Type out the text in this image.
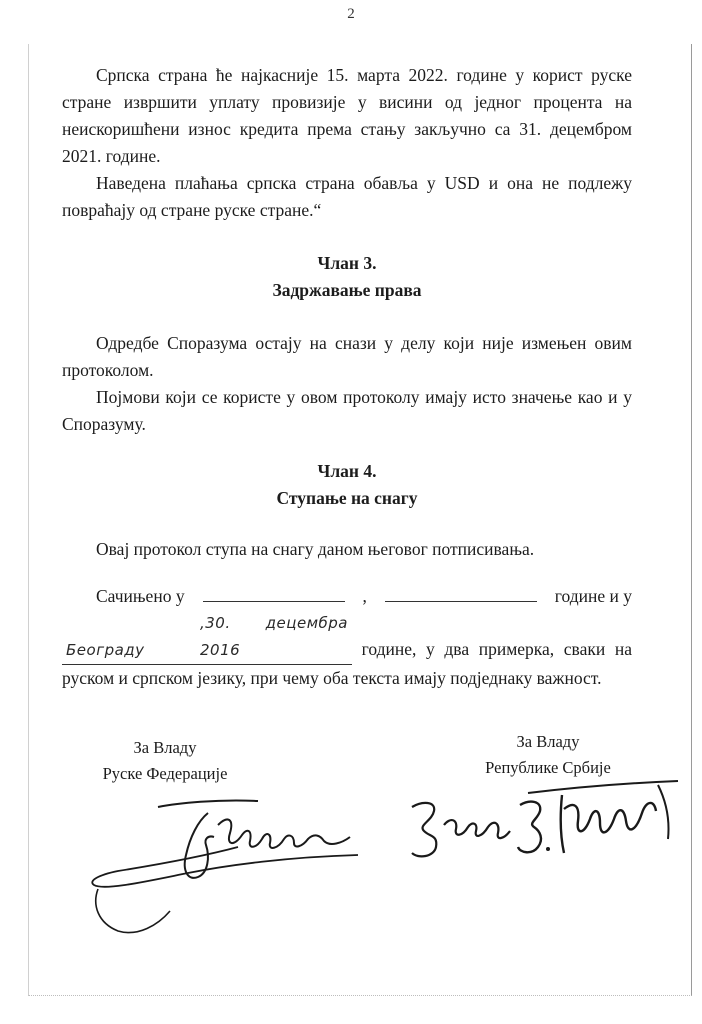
2

Српска страна ће најкасније 15. марта 2022. године у корист руске стране извршити уплату провизије у висини од једног процента на неискоришћени износ кредита према стању закључно са 31. децембром 2021. године.

Наведена плаћања српска страна обавља у USD и она не подлежу повраћају од стране руске стране.“

Члан 3.

Задржавање права

Одредбе Споразума остају на снази у делу који није измењен овим протоколом.

Појмови који се користе у овом протоколу имају исто значење као и у Споразуму.

Члан 4.

Ступање на снагу

Овај протокол ступа на снагу даном његовог потписивања.

Сачињено у	,	године и у

Београду,30. децембра 2016	године, у два примерка, сваки на руском и српском језику, при чему оба текста имају подједнаку важност.

За Владу
Руске Федерације
За Владу
Републике Србије
